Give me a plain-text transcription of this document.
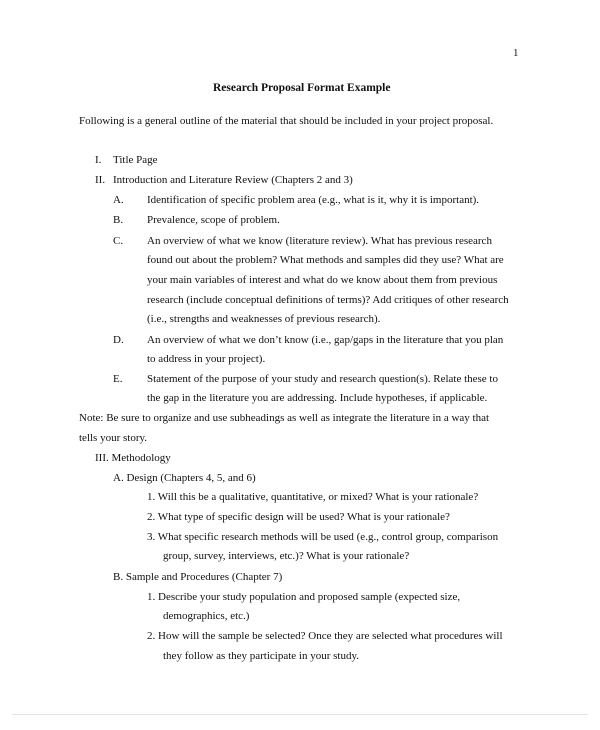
1
Research Proposal Format Example
Following is a general outline of the material that should be included in your project proposal.
I. Title Page
II. Introduction and Literature Review (Chapters 2 and 3)
A. Identification of specific problem area (e.g., what is it, why it is important).
B. Prevalence, scope of problem.
C. An overview of what we know (literature review). What has previous research
found out about the problem? What methods and samples did they use? What are
your main variables of interest and what do we know about them from previous
research (include conceptual definitions of terms)? Add critiques of other research
(i.e., strengths and weaknesses of previous research).
D. An overview of what we don’t know (i.e., gap/gaps in the literature that you plan
to address in your project).
E. Statement of the purpose of your study and research question(s). Relate these to
the gap in the literature you are addressing. Include hypotheses, if applicable.
Note: Be sure to organize and use subheadings as well as integrate the literature in a way that
tells your story.
III. Methodology
A. Design (Chapters 4, 5, and 6)
1. Will this be a qualitative, quantitative, or mixed? What is your rationale?
2. What type of specific design will be used? What is your rationale?
3. What specific research methods will be used (e.g., control group, comparison
group, survey, interviews, etc.)? What is your rationale?
B. Sample and Procedures (Chapter 7)
1. Describe your study population and proposed sample (expected size,
demographics, etc.)
2. How will the sample be selected? Once they are selected what procedures will
they follow as they participate in your study.
